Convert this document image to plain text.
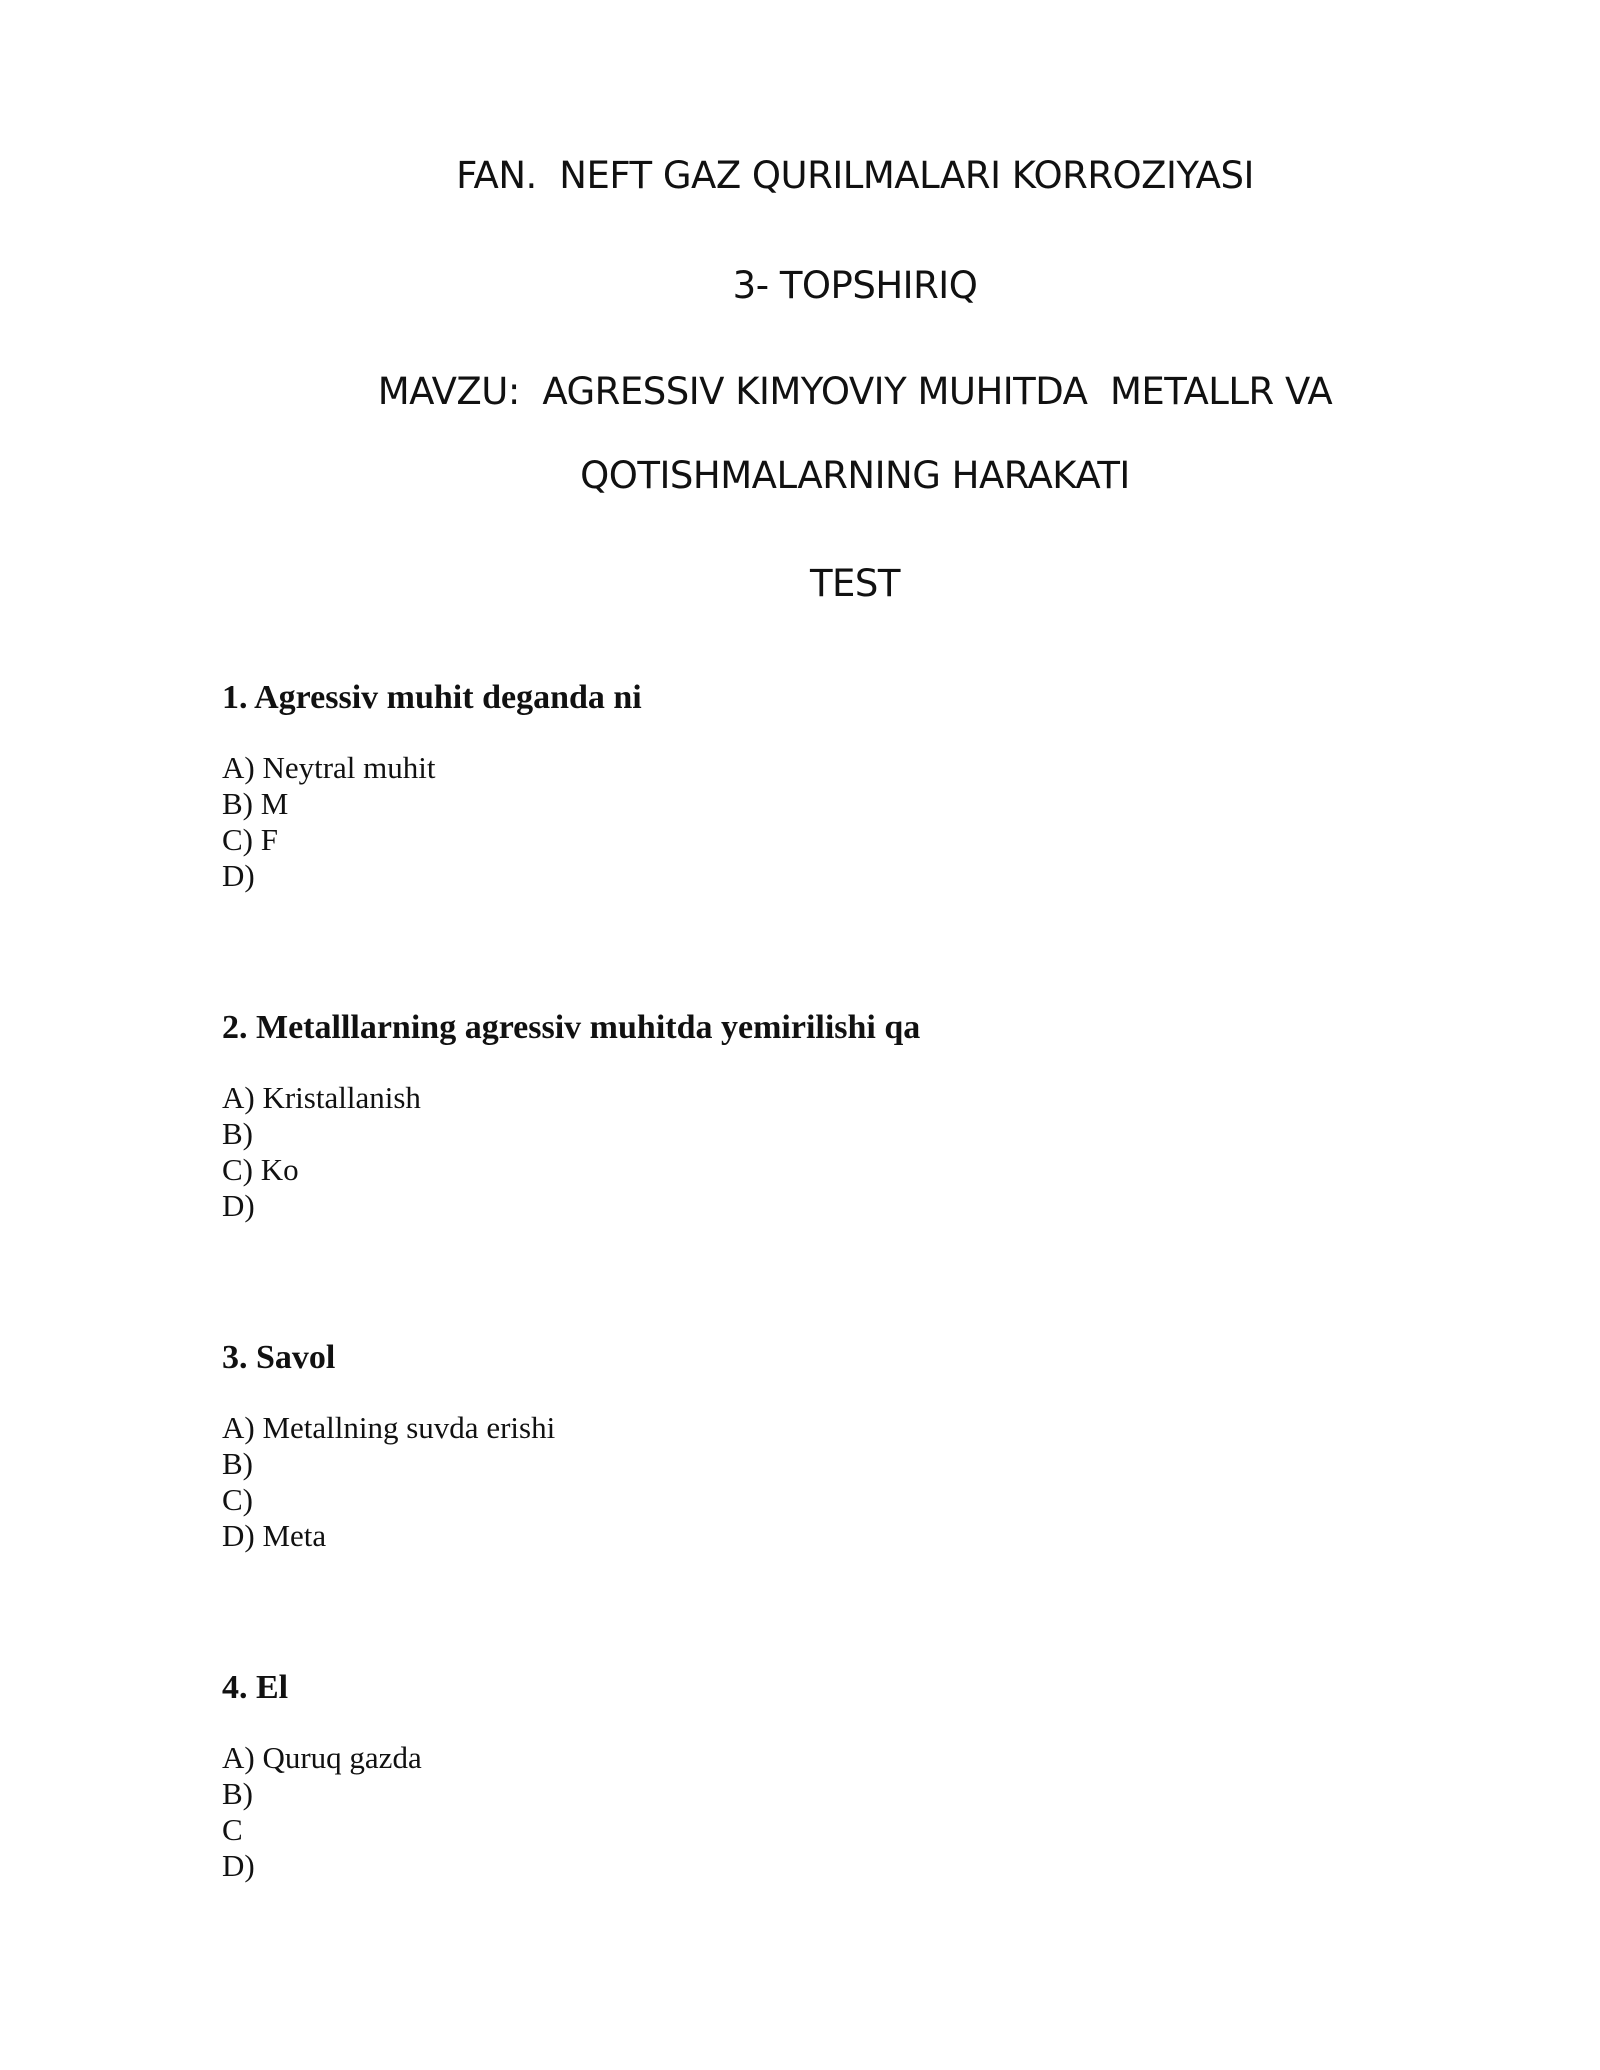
FAN.  NEFT GAZ QURILMALARI KORROZIYASI
3- TOPSHIRIQ
MAVZU:  AGRESSIV KIMYOVIY MUHITDA  METALLR VA
QOTISHMALARNING HARAKATI
TEST

1. Agressiv muhit deganda ni

A) Neytral muhit
B) M
C) F
D)

2. Metalllarning agressiv muhitda yemirilishi qa

A) Kristallanish
B)
C) Ko
D)

3. Savol

A) Metallning suvda erishi
B)
C)
D) Meta

4. El

A) Quruq gazda
B)
C
D)
